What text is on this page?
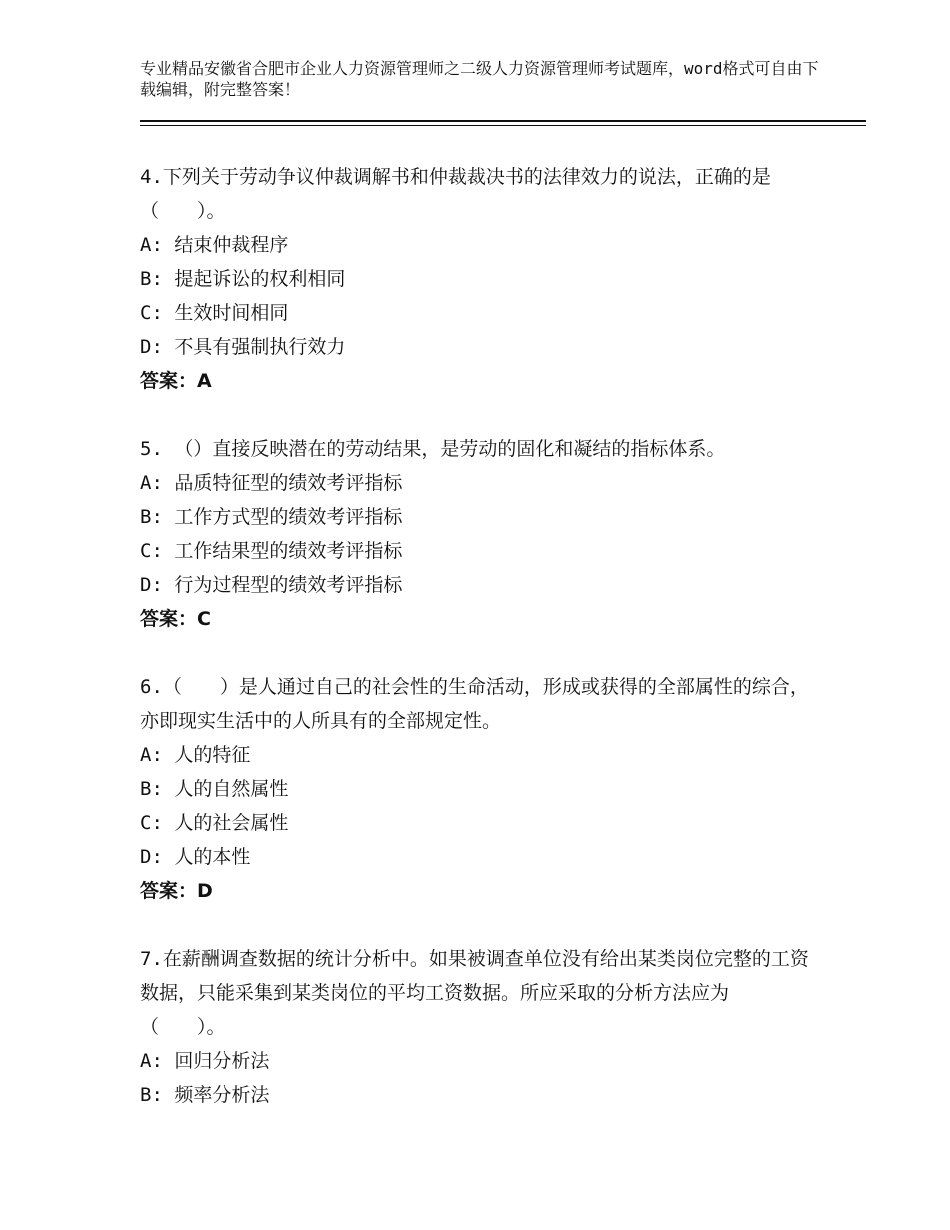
专业精品安徽省合肥市企业人力资源管理师之二级人力资源管理师考试题库，word格式可自由下载编辑，附完整答案！
4.下列关于劳动争议仲裁调解书和仲裁裁决书的法律效力的说法，正确的是（　　）。
A: 结束仲裁程序
B: 提起诉讼的权利相同
C: 生效时间相同
D: 不具有强制执行效力
答案：A
5. （）直接反映潜在的劳动结果，是劳动的固化和凝结的指标体系。
A: 品质特征型的绩效考评指标
B: 工作方式型的绩效考评指标
C: 工作结果型的绩效考评指标
D: 行为过程型的绩效考评指标
答案：C
6.（　　）是人通过自己的社会性的生命活动，形成或获得的全部属性的综合，亦即现实生活中的人所具有的全部规定性。
A: 人的特征
B: 人的自然属性
C: 人的社会属性
D: 人的本性
答案：D
7.在薪酬调查数据的统计分析中。如果被调查单位没有给出某类岗位完整的工资数据，只能采集到某类岗位的平均工资数据。所应采取的分析方法应为（　　）。
A: 回归分析法
B: 频率分析法
